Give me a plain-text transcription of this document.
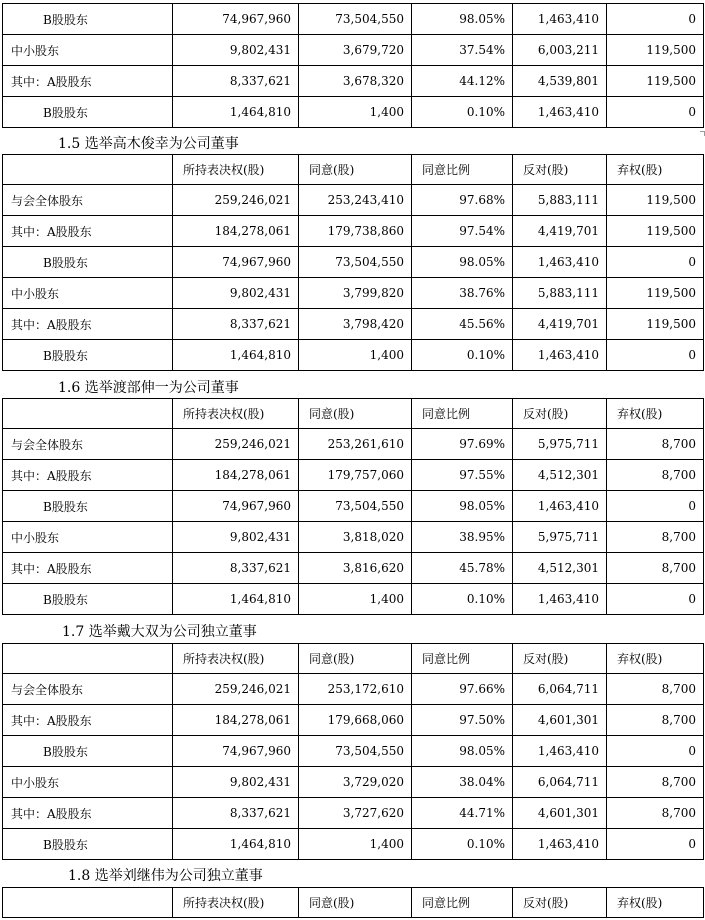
B股股东	74,967,960	73,504,550	98.05%	1,463,410	0
中小股东	9,802,431	3,679,720	37.54%	6,003,211	119,500
其中：A股股东	8,337,621	3,678,320	44.12%	4,539,801	119,500
B股股东	1,464,810	1,400	0.10%	1,463,410	0
1.5 选举高木俊幸为公司董事
	所持表决权(股)	同意(股)	同意比例	反对(股)	弃权(股)
与会全体股东	259,246,021	253,243,410	97.68%	5,883,111	119,500
其中：A股股东	184,278,061	179,738,860	97.54%	4,419,701	119,500
B股股东	74,967,960	73,504,550	98.05%	1,463,410	0
中小股东	9,802,431	3,799,820	38.76%	5,883,111	119,500
其中：A股股东	8,337,621	3,798,420	45.56%	4,419,701	119,500
B股股东	1,464,810	1,400	0.10%	1,463,410	0
1.6 选举渡部伸一为公司董事
	所持表决权(股)	同意(股)	同意比例	反对(股)	弃权(股)
与会全体股东	259,246,021	253,261,610	97.69%	5,975,711	8,700
其中：A股股东	184,278,061	179,757,060	97.55%	4,512,301	8,700
B股股东	74,967,960	73,504,550	98.05%	1,463,410	0
中小股东	9,802,431	3,818,020	38.95%	5,975,711	8,700
其中：A股股东	8,337,621	3,816,620	45.78%	4,512,301	8,700
B股股东	1,464,810	1,400	0.10%	1,463,410	0
1.7 选举戴大双为公司独立董事
	所持表决权(股)	同意(股)	同意比例	反对(股)	弃权(股)
与会全体股东	259,246,021	253,172,610	97.66%	6,064,711	8,700
其中：A股股东	184,278,061	179,668,060	97.50%	4,601,301	8,700
B股股东	74,967,960	73,504,550	98.05%	1,463,410	0
中小股东	9,802,431	3,729,020	38.04%	6,064,711	8,700
其中：A股股东	8,337,621	3,727,620	44.71%	4,601,301	8,700
B股股东	1,464,810	1,400	0.10%	1,463,410	0
1.8 选举刘继伟为公司独立董事
	所持表决权(股)	同意(股)	同意比例	反对(股)	弃权(股)
